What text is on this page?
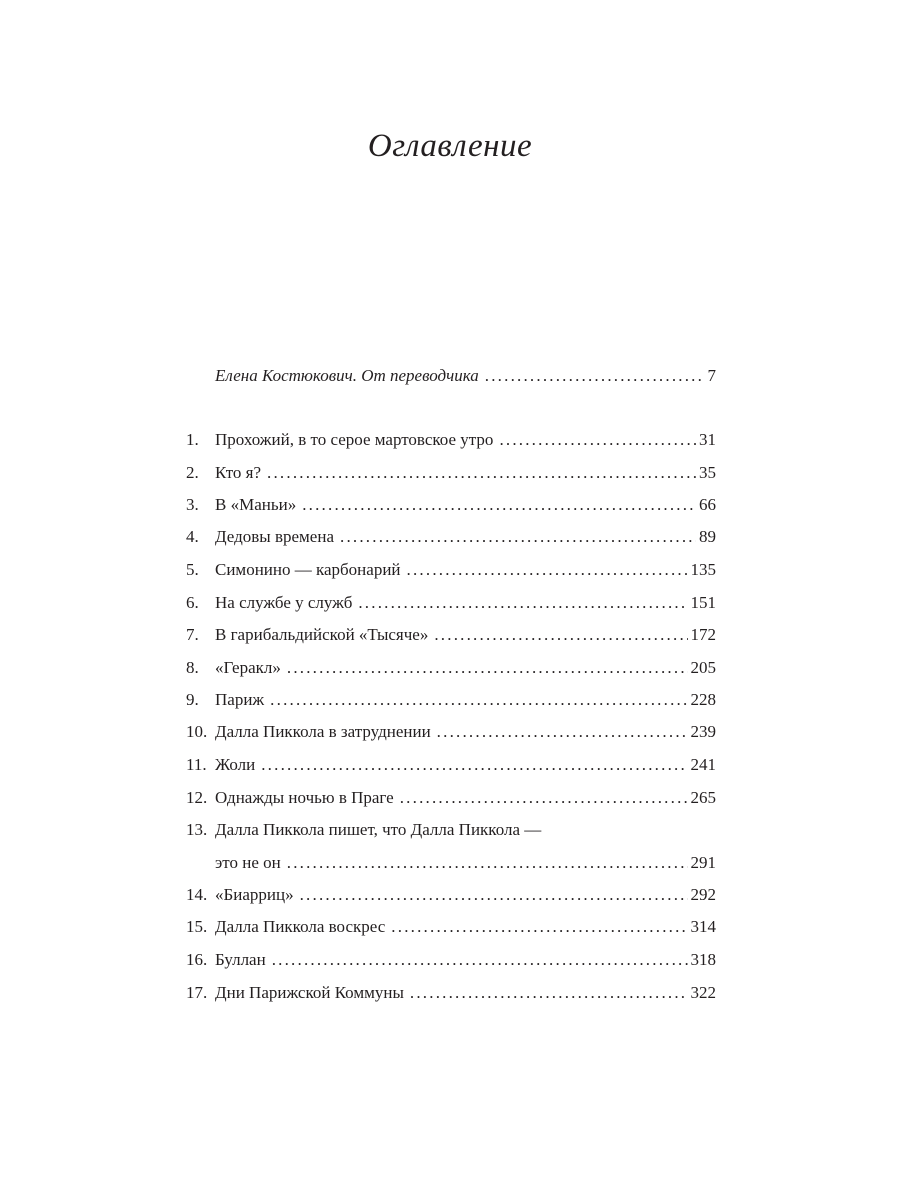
Оглавление
Елена Костюкович. От переводчика .....	7
1. Прохожий, в то серое мартовское утро .....	31
2. Кто я? .....	35
3. В «Маньи» .....	66
4. Дедовы времена .....	89
5. Симонино — карбонарий .....	135
6. На службе у служб .....	151
7. В гарибальдийской «Тысяче» .....	172
8. «Геракл» .....	205
9. Париж .....	228
10. Далла Пиккола в затруднении .....	239
11. Жоли .....	241
12. Однажды ночью в Праге .....	265
13. Далла Пиккола пишет, что Далла Пиккола —
это не он .....	291
14. «Биарриц» .....	292
15. Далла Пиккола воскрес .....	314
16. Буллан .....	318
17. Дни Парижской Коммуны .....	322
